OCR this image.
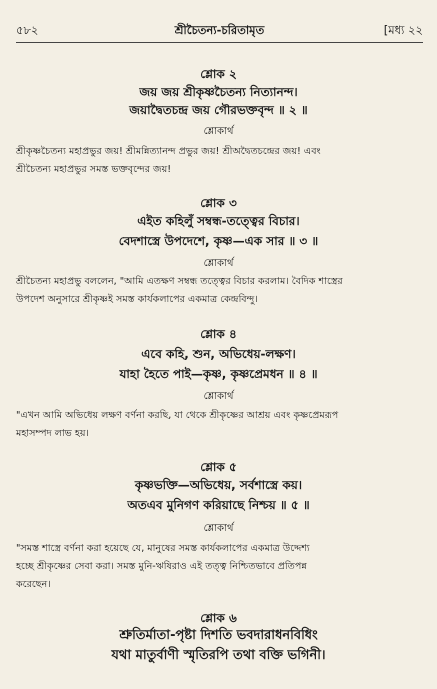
৫৮২	শ্রীচৈতন্য-চরিতামৃত	[মধ্য ২২
শ্লোক ২
জয় জয় শ্রীকৃষ্ণচৈতন্য নিত্যানন্দ।
জয়াদ্বৈতচন্দ্র জয় গৌরভক্তবৃন্দ ॥ ২ ॥
শ্লোকার্থ
শ্রীকৃষ্ণচৈতন্য মহাপ্রভুর জয়! শ্রীমন্নিত্যানন্দ প্রভুর জয়! শ্রীঅদ্বৈতচন্দ্রের জয়! এবং
শ্রীচৈতন্য মহাপ্রভুর সমস্ত ভক্তবৃন্দের জয়!
শ্লোক ৩
এইত কহিলুঁ সম্বন্ধ-তত্ত্বের বিচার।
বেদশাস্ত্রে উপদেশে, কৃষ্ণ—এক সার ॥ ৩ ॥
শ্লোকার্থ
শ্রীচৈতন্য মহাপ্রভু বললেন, "আমি এতক্ষণ সম্বন্ধ তত্ত্বের বিচার করলাম। বৈদিক শাস্ত্রের
উপদেশ অনুসারে শ্রীকৃষ্ণই সমস্ত কার্যকলাপের একমাত্র কেন্দ্রবিন্দু।
শ্লোক ৪
এবে কহি, শুন, অভিধেয়-লক্ষণ।
যাহা হৈতে পাই—কৃষ্ণ, কৃষ্ণপ্রেমধন ॥ ৪ ॥
শ্লোকার্থ
"এখন আমি অভিধেয় লক্ষণ বর্ণনা করছি, যা থেকে শ্রীকৃষ্ণের আশ্রয় এবং কৃষ্ণপ্রেমরূপ
মহাসম্পদ লাভ হয়।
শ্লোক ৫
কৃষ্ণভক্তি—অভিধেয়, সর্বশাস্ত্রে কয়।
অতএব মুনিগণ করিয়াছে নিশ্চয় ॥ ৫ ॥
শ্লোকার্থ
"সমস্ত শাস্ত্রে বর্ণনা করা হয়েছে যে, মানুষের সমস্ত কার্যকলাপের একমাত্র উদ্দেশ্য
হচ্ছে শ্রীকৃষ্ণের সেবা করা। সমস্ত মুনি-ঋষিরাও এই তত্ত্ব নিশ্চিতভাবে প্রতিপন্ন
করেছেন।
শ্লোক ৬
শ্রুতির্মাতা-পৃষ্টা দিশতি ভবদারাধনবিধিং
যথা মাতুর্বাণী স্মৃতিরপি তথা বক্তি ভগিনী।
